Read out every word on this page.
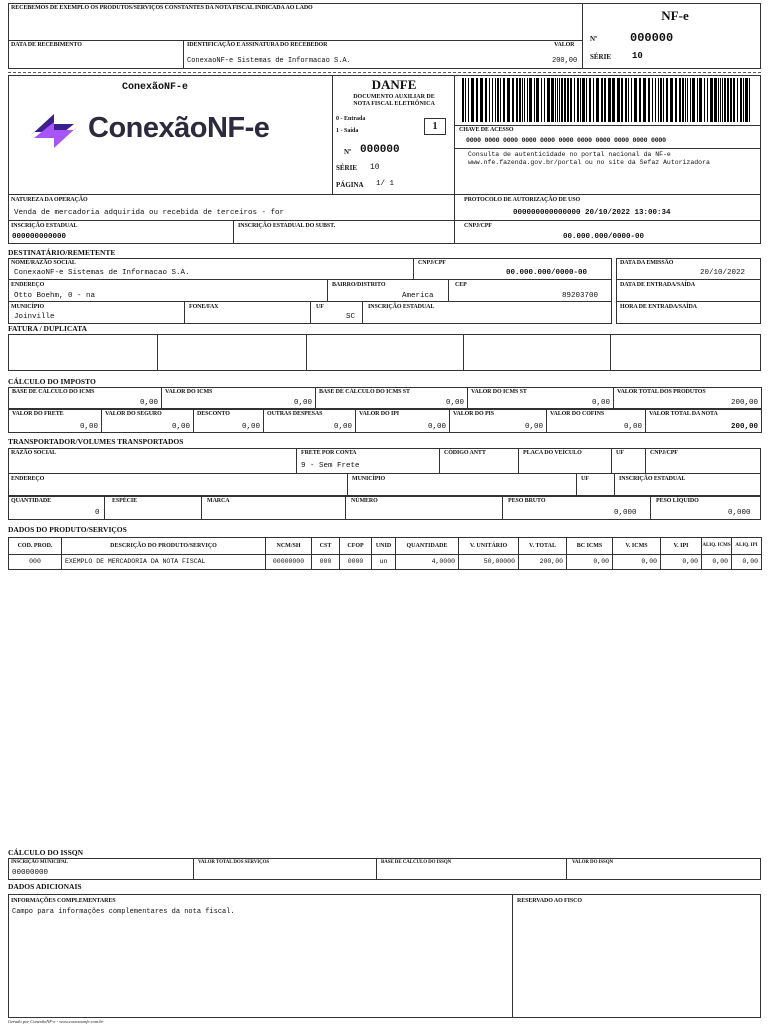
RECEBEMOS DE EXEMPLO OS PRODUTOS/SERVIÇOS CONSTANTES DA NOTA FISCAL INDICADA AO LADO
DATA DE RECEBIMENTO	IDENTIFICAÇÃO E ASSINATURA DO RECEBEDOR
ConexaoNF-e Sistemas de Informacao S.A.
VALOR
200,00
NF-e
Nº	000000
SÉRIE 10
ConexãoNF-e
ConexãoNF-e
DANFE
DOCUMENTO AUXILIAR DE
NOTA FISCAL ELETRÔNICA
0 - Entrada
1 - Saída	1
Nº 000000
SÉRIE 10
PÁGINA 1/ 1
CHAVE DE ACESSO
0000 0000 0000 0000 0000 0000 0000 0000 0000 0000 0000
Consulta de autenticidade no portal nacional da NF-e www.nfe.fazenda.gov.br/portal ou no site da Sefaz Autorizadora
NATUREZA DA OPERAÇÃO
Venda de mercadoria adquirida ou recebida de terceiros - for
PROTOCOLO DE AUTORIZAÇÃO DE USO
000000000000000 20/10/2022 13:00:34
INSCRIÇÃO ESTADUAL
000000000000
INSCRIÇÃO ESTADUAL DO SUBST.	CNPJ/CPF
00.000.000/0000-00
DESTINATÁRIO/REMETENTE
NOME/RAZÃO SOCIAL
ConexaoNF-e Sistemas de Informacao S.A.
CNPJ/CPF
00.000.000/0000-00
DATA DA EMISSÃO
20/10/2022
ENDEREÇO
Otto Boehm, 0 - na
BAIRRO/DISTRITO
America
CEP
89203700
DATA DE ENTRADA/SAÍDA
MUNICÍPIO
Joinville
FONE/FAX	UF
SC
INSCRIÇÃO ESTADUAL	HORA DE ENTRADA/SAÍDA
FATURA / DUPLICATA
CÁLCULO DO IMPOSTO
BASE DE CÁLCULO DO ICMS
0,00
VALOR DO ICMS
0,00
BASE DE CÁLCULO DO ICMS ST
0,00
VALOR DO ICMS ST
0,00
VALOR TOTAL DOS PRODUTOS
200,00
VALOR DO FRETE
0,00
VALOR DO SEGURO
0,00
DESCONTO
0,00
OUTRAS DESPESAS
0,00
VALOR DO IPI
0,00
VALOR DO PIS
0,00
VALOR DO COFINS
0,00
VALOR TOTAL DA NOTA
200,00
TRANSPORTADOR/VOLUMES TRANSPORTADOS
RAZÃO SOCIAL	FRETE POR CONTA
9 - Sem Frete
CÓDIGO ANTT	PLACA DO VEÍCULO	UF	CNPJ/CPF
ENDEREÇO	MUNICÍPIO	UF	INSCRIÇÃO ESTADUAL
QUANTIDADE
0
ESPÉCIE	MARCA	NÚMERO	PESO BRUTO
0,000
PESO LÍQUIDO
0,000
DADOS DO PRODUTO/SERVIÇOS
COD. PROD.	DESCRIÇÃO DO PRODUTO/SERVIÇO	NCM/SH	CST	CFOP	UNID	QUANTIDADE	V. UNITÁRIO	V. TOTAL	BC ICMS	V. ICMS	V. IPI	ALIQ. ICMS ALIQ. IPI
000	EXEMPLO DE MERCADORIA DA NOTA FISCAL	00000000	000	0000	un	4,0000	50,00000	200,00	0,00	0,00	0,00	0,00	0,00
CÁLCULO DO ISSQN
INSCRIÇÃO MUNICIPAL
00000000
VALOR TOTAL DOS SERVIÇOS	BASE DE CÁLCULO DO ISSQN	VALOR DO ISSQN
DADOS ADICIONAIS
INFORMAÇÕES COMPLEMENTARES
Campo para informações complementares da nota fiscal.
RESERVADO AO FISCO
Gerado por ConexãoNF-e - www.conexaonfe.com.br
